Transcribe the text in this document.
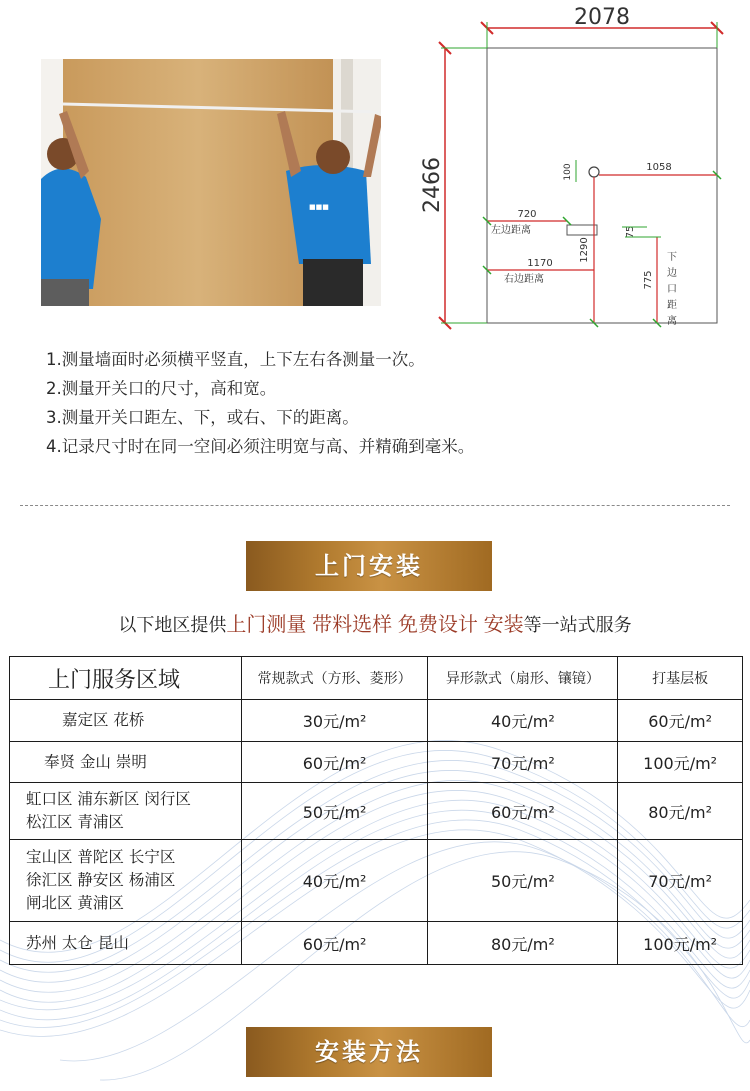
■■■
2078
2466	100	1058
720
左边距离
1290
75
1170
右边距离	775
下
边
口
距
离
1.测量墙面时必须横平竖直，上下左右各测量一次。
2.测量开关口的尺寸，高和宽。
3.测量开关口距左、下，或右、下的距离。
4.记录尺寸时在同一空间必须注明宽与高、并精确到毫米。
上门安装
以下地区提供上门测量 带料选样 免费设计 安装等一站式服务
上门服务区域	常规款式（方形、菱形）	异形款式（扇形、镶镜）	打基层板

嘉定区 花桥	30元/m²	40元/m²	60元/m²

奉贤 金山 崇明	60元/m²	70元/m²	100元/m²

虹口区 浦东新区 闵行区
松江区 青浦区	50元/m²	60元/m²	80元/m²

宝山区 普陀区 长宁区
徐汇区 静安区 杨浦区
闸北区 黄浦区	40元/m²	50元/m²	70元/m²

苏州 太仓 昆山	60元/m²	80元/m²	100元/m²
安装方法
